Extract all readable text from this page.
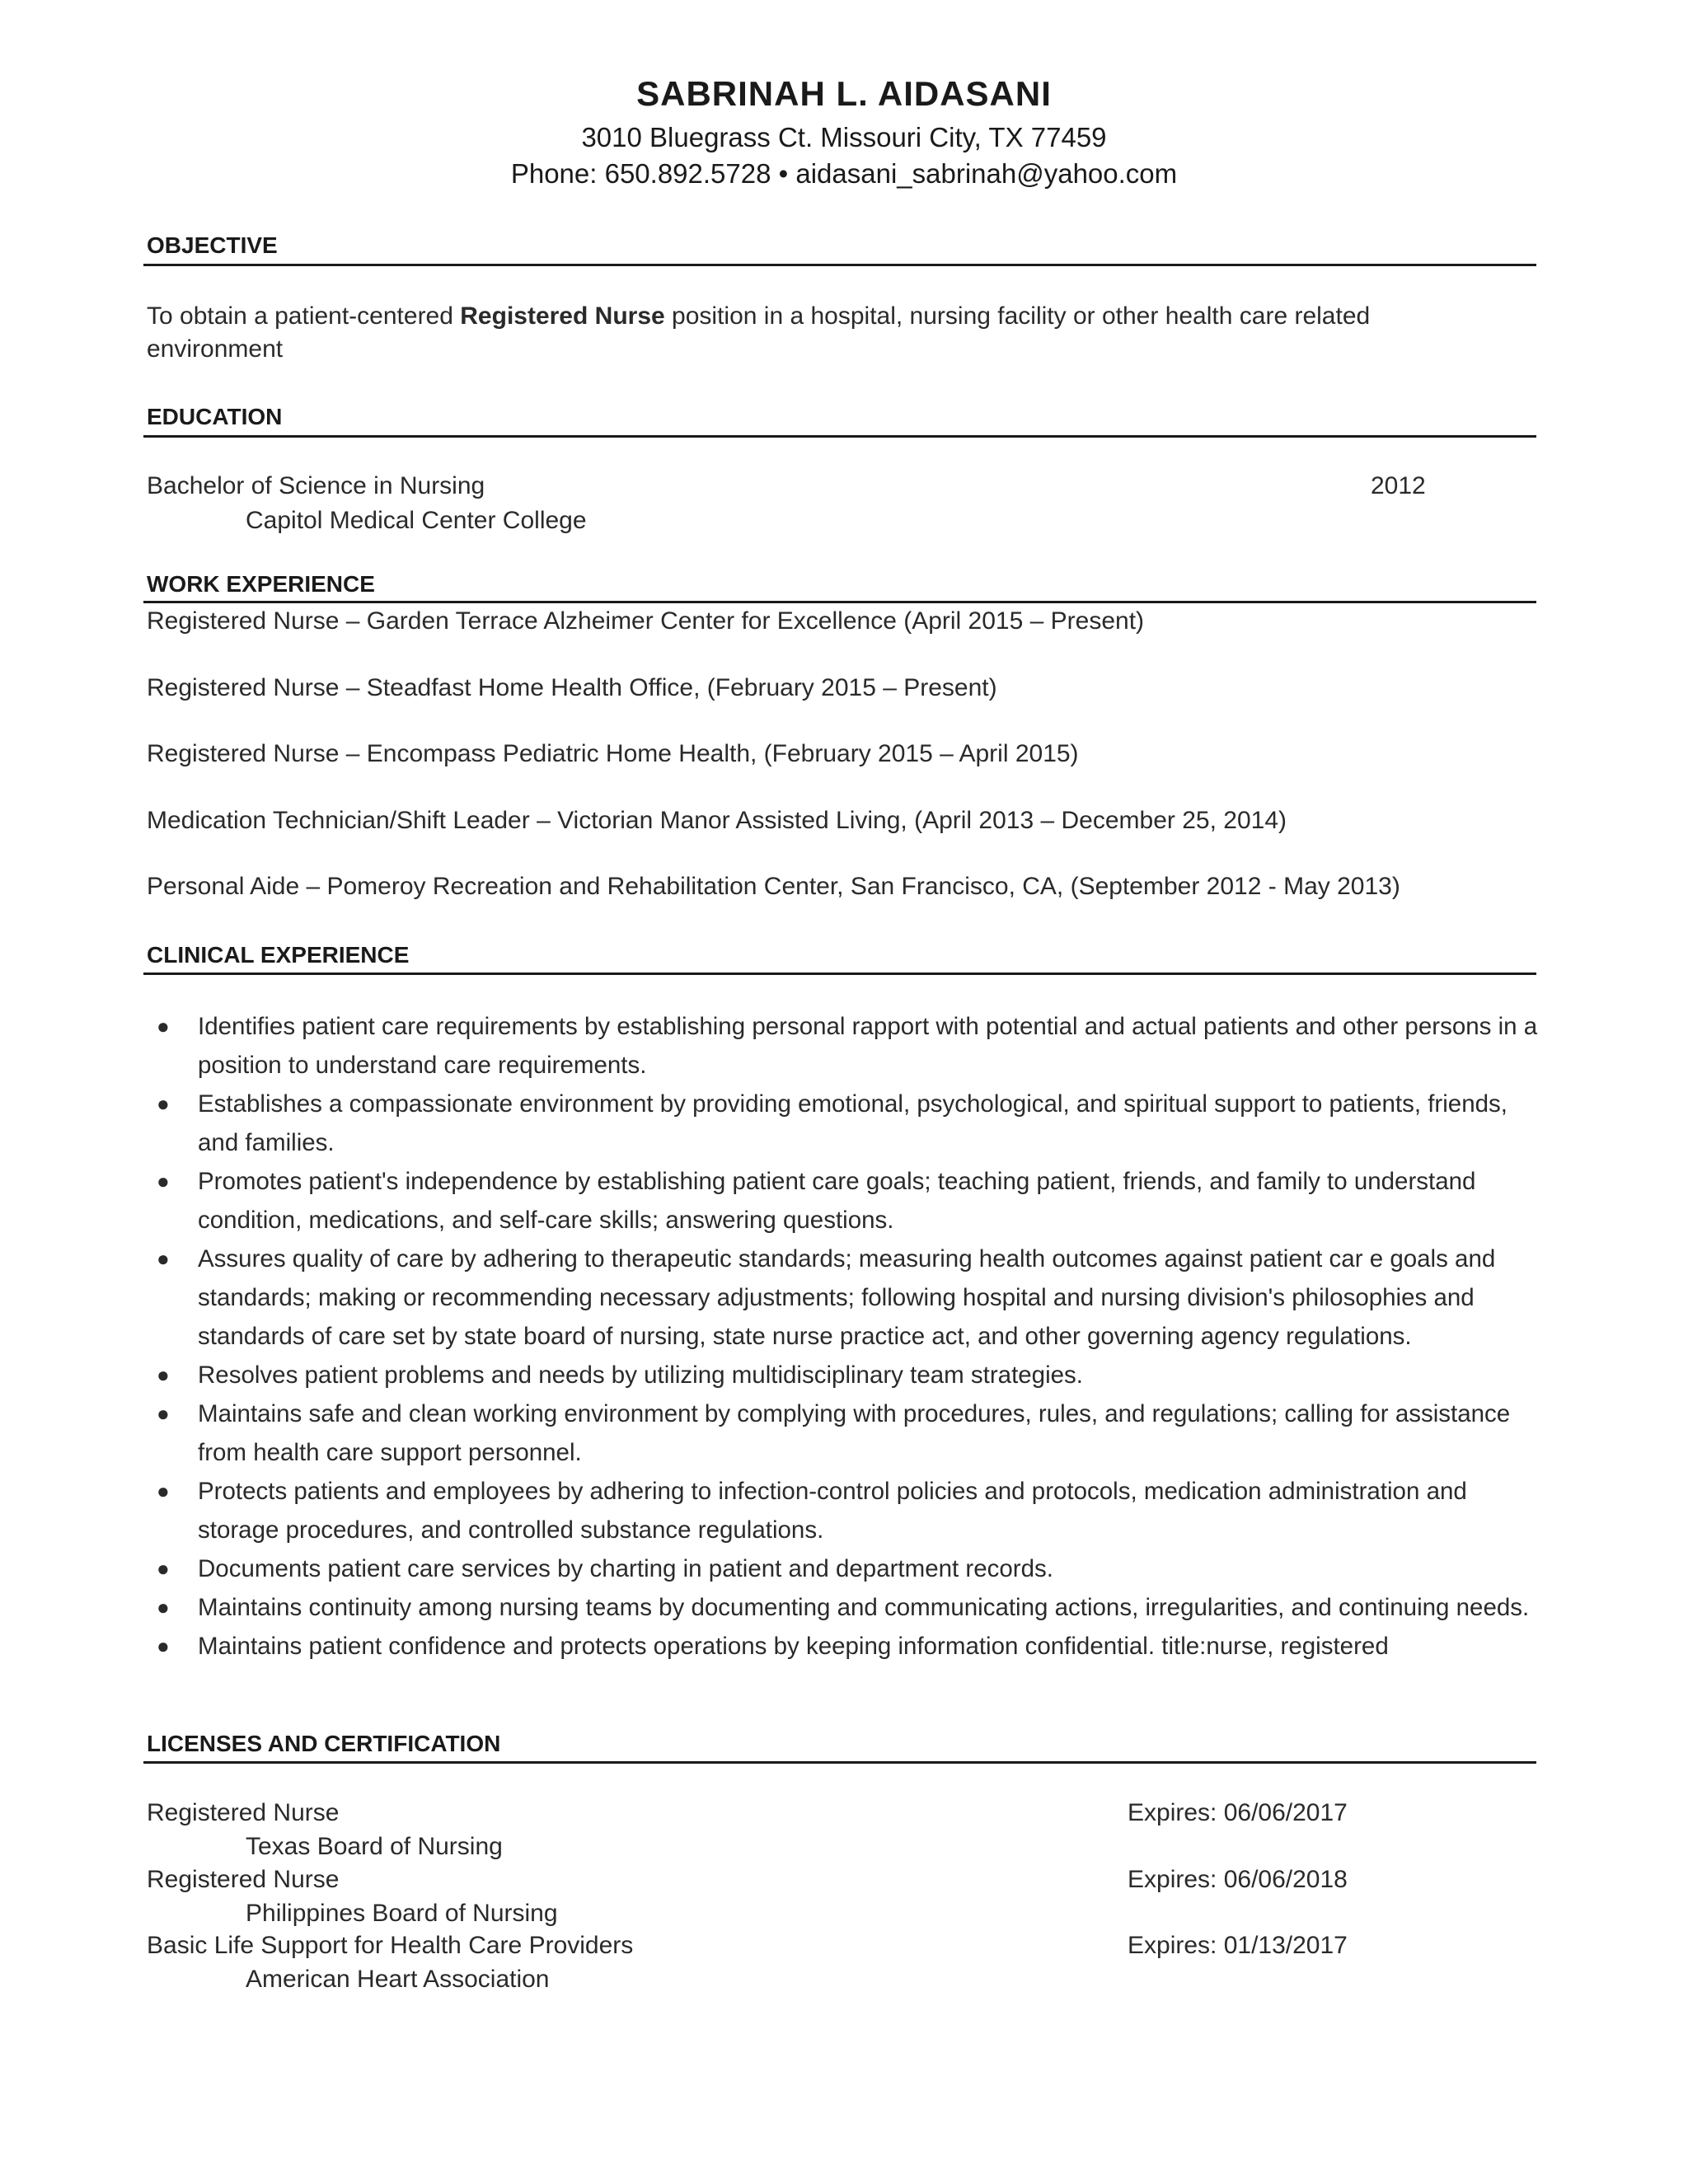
SABRINAH L. AIDASANI
3010 Bluegrass Ct. Missouri City, TX 77459
Phone: 650.892.5728 • aidasani_sabrinah@yahoo.com
OBJECTIVE
To obtain a patient-centered Registered Nurse position in a hospital, nursing facility or other health care related
environment
EDUCATION
Bachelor of Science in Nursing	2012
Capitol Medical Center College
WORK EXPERIENCE
Registered Nurse – Garden Terrace Alzheimer Center for Excellence (April 2015 – Present)
Registered Nurse – Steadfast Home Health Office, (February 2015 – Present)
Registered Nurse – Encompass Pediatric Home Health, (February 2015 – April 2015)
Medication Technician/Shift Leader – Victorian Manor Assisted Living, (April 2013 – December 25, 2014)
Personal Aide – Pomeroy Recreation and Rehabilitation Center, San Francisco, CA, (September 2012 - May 2013)
CLINICAL EXPERIENCE
● Identifies patient care requirements by establishing personal rapport with potential and actual patients and other persons in a position to understand care requirements.
● Establishes a compassionate environment by providing emotional, psychological, and spiritual support to patients, friends, and families.
● Promotes patient's independence by establishing patient care goals; teaching patient, friends, and family to understand condition, medications, and self-care skills; answering questions.
● Assures quality of care by adhering to therapeutic standards; measuring health outcomes against patient car e goals and standards; making or recommending necessary adjustments; following hospital and nursing division's philosophies and standards of care set by state board of nursing, state nurse practice act, and other governing agency regulations.
● Resolves patient problems and needs by utilizing multidisciplinary team strategies.
● Maintains safe and clean working environment by complying with procedures, rules, and regulations; calling for assistance from health care support personnel.
● Protects patients and employees by adhering to infection-control policies and protocols, medication administration and storage procedures, and controlled substance regulations.
● Documents patient care services by charting in patient and department records.
● Maintains continuity among nursing teams by documenting and communicating actions, irregularities, and continuing needs.
● Maintains patient confidence and protects operations by keeping information confidential. title:nurse, registered
LICENSES AND CERTIFICATION
Registered Nurse	Expires: 06/06/2017
Texas Board of Nursing
Registered Nurse	Expires: 06/06/2018
Philippines Board of Nursing
Basic Life Support for Health Care Providers	Expires: 01/13/2017
American Heart Association
